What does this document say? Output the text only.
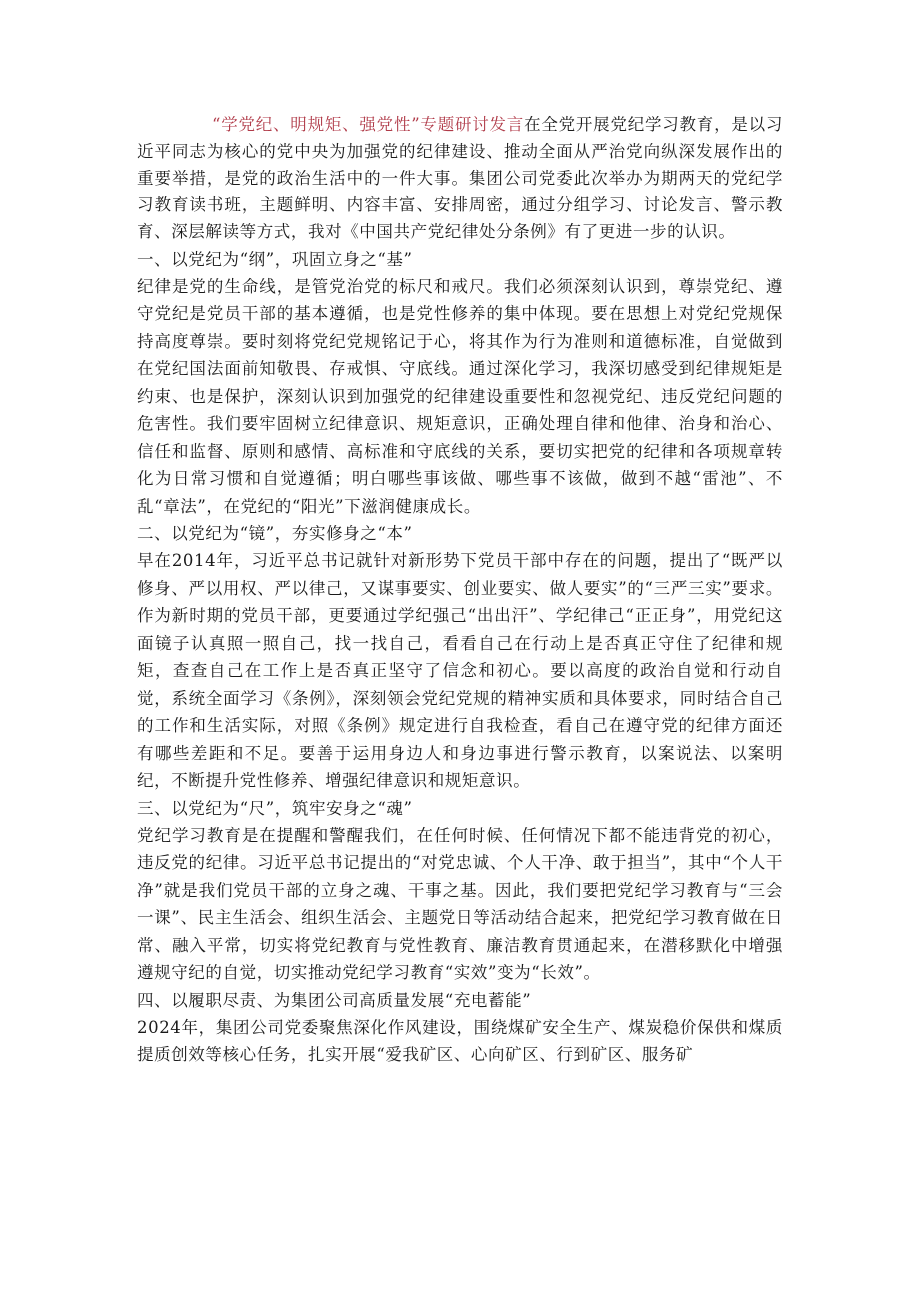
“学党纪、明规矩、强党性”专题研讨发言在全党开展党纪学习教育，是以习近平同志为核心的党中央为加强党的纪律建设、推动全面从严治党向纵深发展作出的重要举措，是党的政治生活中的一件大事。集团公司党委此次举办为期两天的党纪学习教育读书班，主题鲜明、内容丰富、安排周密，通过分组学习、讨论发言、警示教育、深层解读等方式，我对《中国共产党纪律处分条例》有了更进一步的认识。

一、以党纪为“纲”，巩固立身之“基”
纪律是党的生命线，是管党治党的标尺和戒尺。我们必须深刻认识到，尊崇党纪、遵守党纪是党员干部的基本遵循，也是党性修养的集中体现。要在思想上对党纪党规保持高度尊崇。要时刻将党纪党规铭记于心，将其作为行为准则和道德标准，自觉做到在党纪国法面前知敬畏、存戒惧、守底线。通过深化学习，我深切感受到纪律规矩是约束、也是保护，深刻认识到加强党的纪律建设重要性和忽视党纪、违反党纪问题的危害性。我们要牢固树立纪律意识、规矩意识，正确处理自律和他律、治身和治心、信任和监督、原则和感情、高标准和守底线的关系，要切实把党的纪律和各项规章转化为日常习惯和自觉遵循；明白哪些事该做、哪些事不该做，做到不越“雷池”、不乱“章法”，在党纪的“阳光”下滋润健康成长。
二、以党纪为“镜”，夯实修身之“本”
早在2014年，习近平总书记就针对新形势下党员干部中存在的问题，提出了“既严以修身、严以用权、严以律己，又谋事要实、创业要实、做人要实”的“三严三实”要求。作为新时期的党员干部，更要通过学纪强己“出出汗”、学纪律己“正正身”，用党纪这面镜子认真照一照自己，找一找自己，看看自己在行动上是否真正守住了纪律和规矩，查查自己在工作上是否真正坚守了信念和初心。要以高度的政治自觉和行动自觉，系统全面学习《条例》，深刻领会党纪党规的精神实质和具体要求，同时结合自己的工作和生活实际，对照《条例》规定进行自我检查，看自己在遵守党的纪律方面还有哪些差距和不足。要善于运用身边人和身边事进行警示教育，以案说法、以案明纪，不断提升党性修养、增强纪律意识和规矩意识。
三、以党纪为“尺”，筑牢安身之“魂”
党纪学习教育是在提醒和警醒我们，在任何时候、任何情况下都不能违背党的初心，违反党的纪律。习近平总书记提出的“对党忠诚、个人干净、敢于担当”，其中“个人干净”就是我们党员干部的立身之魂、干事之基。因此，我们要把党纪学习教育与“三会一课”、民主生活会、组织生活会、主题党日等活动结合起来，把党纪学习教育做在日常、融入平常，切实将党纪教育与党性教育、廉洁教育贯通起来，在潜移默化中增强遵规守纪的自觉，切实推动党纪学习教育“实效”变为“长效”。
四、以履职尽责、为集团公司高质量发展“充电蓄能”
2024年，集团公司党委聚焦深化作风建设，围绕煤矿安全生产、煤炭稳价保供和煤质提质创效等核心任务，扎实开展“爱我矿区、心向矿区、行到矿区、服务矿
